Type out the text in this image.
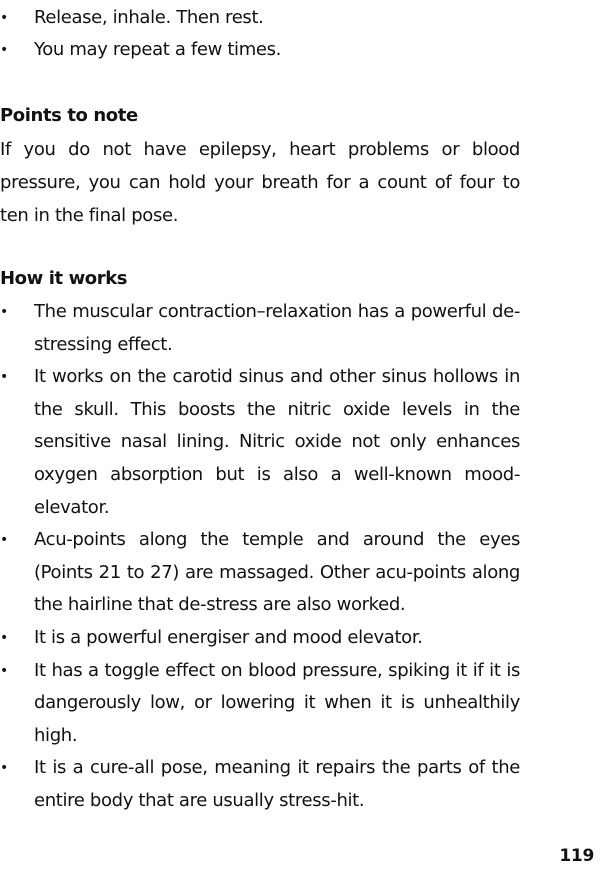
• Release, inhale. Then rest.
• You may repeat a few times.
Points to note

If you do not have epilepsy, heart problems or blood pressure, you can hold your breath for a count of four to ten in the final pose.

How it works
• The muscular contraction–relaxation has a powerful de-stressing effect.
• It works on the carotid sinus and other sinus hollows in the skull. This boosts the nitric oxide levels in the sensitive nasal lining. Nitric oxide not only enhances oxygen absorption but is also a well-known mood-elevator.
• Acu-points along the temple and around the eyes (Points 21 to 27) are massaged. Other acu-points along the hairline that de-stress are also worked.
• It is a powerful energiser and mood elevator.
• It has a toggle effect on blood pressure, spiking it if it is dangerously low, or lowering it when it is unhealthily high.
• It is a cure-all pose, meaning it repairs the parts of the entire body that are usually stress-hit.
119
